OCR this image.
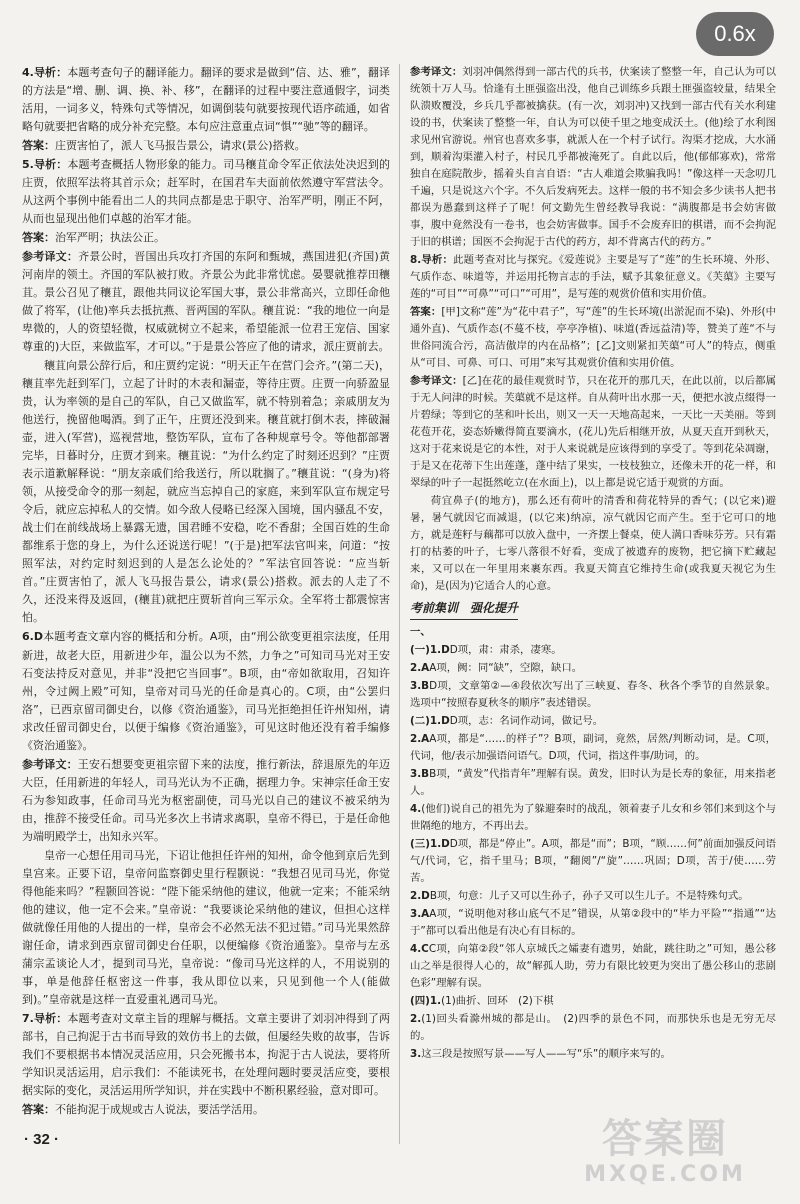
0.6x

4.导析：本题考查句子的翻译能力。翻译的要求是做到“信、达、雅”，翻译的方法是“增、删、调、换、补、移”，在翻译的过程中要注意通假字，词类活用，一词多义，特殊句式等情况，如调倒装句就要按现代语序疏通，如省略句就要把省略的成分补充完整。本句应注意重点词“惧”“驰”等的翻译。

答案：庄贾害怕了，派人飞马报告景公，请求(景公)搭救。

5.导析：本题考查概括人物形象的能力。司马穰苴命令军正依法处决迟到的庄贾，依照军法将其首示众；赶军时，在国君车夫面前依然遵守军营法令。从这两个事例中能看出二人的共同点都是忠于职守、治军严明，刚正不阿，从而也显现出他们卓越的治军才能。

答案：治军严明；执法公正。

参考译文：齐景公时，晋国出兵攻打齐国的东阿和甄城，燕国进犯(齐国)黄河南岸的领土。齐国的军队被打败。齐景公为此非常忧虑。晏婴就推荐田穰苴。景公召见了穰苴，跟他共同议论军国大事，景公非常高兴，立即任命他做了将军，(让他)率兵去抵抗燕、晋两国的军队。穰苴说：“我的地位一向是卑微的，人的资望轻微，权威就树立不起来，希望能派一位君王宠信、国家尊重的)大臣，来做监军，才可以。”于是景公答应了他的请求，派庄贾前去。

穰苴向景公辞行后，和庄贾约定说：“明天正午在营门会齐。”(第二天)，穰苴率先赶到军门，立起了计时的木表和漏壶，等待庄贾。庄贾一向骄盈显贵，认为率领的是自己的军队，自己又做监军，就不特别着急；亲戚朋友为他送行，挽留他喝酒。到了正午，庄贾还没到来。穰苴就打倒木表，摔破漏壶，进入(军营)，巡视营地，整饬军队，宣布了各种规章号令。等他都部署完毕，日暮时分，庄贾才到来。穰苴说：“为什么约定了时刻还迟到？”庄贾表示道歉解释说：“朋友亲戚们给我送行，所以耽搁了。”穰苴说：“(身为)将领，从接受命令的那一刻起，就应当忘掉自己的家庭，来到军队宣布规定号令后，就应忘掉私人的交情。如今敌人侵略已经深入国境，国内骚乱不安，战士们在前线战场上暴露无遗，国君睡不安稳，吃不香甜；全国百姓的生命都维系于您的身上，为什么还说送行呢！”(于是)把军法官叫来，问道：“按照军法，对约定时刻迟到的人是怎么论处的？”军法官回答说：“应当斩首。”庄贾害怕了，派人飞马报告景公，请求(景公)搭救。派去的人走了不久，还没来得及返回，(穰苴)就把庄贾斩首向三军示众。全军将士都震惊害怕。

6.D本题考查文章内容的概括和分析。A项，由“刑公欲变更祖宗法度，任用新进，故老大臣，用新进少年，温公以为不然，力争之”可知司马光对王安石变法持反对意见，并非“没把它当回事”。B项，由“帝如欲取用，召知许州，令过阙上殿”可知，皇帝对司马光的任命是真心的。C项，由“公罢归洛”，已西京留司御史台，以修《资治通鉴》，司马光拒绝担任许州知州，请求改任留司御史台，以便于编修《资治通鉴》，可见这时他还没有着手编修《资治通鉴》。

参考译文：王安石想要变更祖宗留下来的法度，推行新法，辞退原先的年迈大臣，任用新进的年轻人，司马光认为不正确，据理力争。宋神宗任命王安石为参知政事，任命司马光为枢密副使，司马光以自己的建议不被采纳为由，推辞不接受任命。司马光多次上书请求离职，皇帝不得已，于是任命他为端明殿学士，出知永兴军。

皇帝一心想任用司马光，下诏让他担任许州的知州，命令他到京后先到皇宫来。正要下诏，皇帝问监察御史里行程颢说：“我想召见司马光，你觉得他能来吗？”程颢回答说：“陛下能采纳他的建议，他就一定来；不能采纳他的建议，他一定不会来。”皇帝说：“我要谈论采纳他的建议，但担心这样做就像任用他的人提出的一样，皇帝会不必然无法不犯过错。”司马光果然辞谢任命，请求到西京留司御史台任职，以便编修《资治通鉴》。皇帝与左丞蒲宗孟谈论人才，提到司马光，皇帝说：“像司马光这样的人，不用说别的事，单是他辞任枢密这一件事，我从即位以来，只见到他一个人(能做到)。”皇帝就是这样一直爱重礼遇司马光。

7.导析：本题考查对文章主旨的理解与概括。文章主要讲了刘羽冲得到了两部书，自己拘泥于古书而导致的效仿书上的去做，但屡经失败的故事，告诉我们不要根据书本情况灵活应用，只会死搬书本，拘泥于古人说法，要将所学知识灵活运用，启示我们：不能读死书，在处理问题时要灵活应变，要根据实际的变化，灵活运用所学知识，并在实践中不断积累经验，意对即可。

答案：不能拘泥于成规或古人说法，要活学活用。

参考译文：刘羽冲偶然得到一部古代的兵书，伏案读了整整一年，自己认为可以统领十万人马。恰逢有土匪强盗出没，他自己训练乡兵跟土匪强盗较量，结果全队溃败覆没，乡兵几乎都被擒获。(有一次，刘羽冲)又找到一部古代有关水利建设的书，伏案读了整整一年，自认为可以使千里之地变成沃土。(他)绘了水利图求见州官游说。州官也喜欢多事，就派人在一个村子试行。沟渠才挖成，大水涌到，顺着沟渠灌入村子，村民几乎都被淹死了。自此以后，他(郁郁寡欢)，常常独自在庭院散步，摇着头自言自语：“古人难道会欺骗我吗！”像这样一天念叨几千遍，只是说这六个字。不久后发病死去。这样一般的书不知会多少读书人把书都误为愚蠢到这样子了呢！何文勤先生曾经教导我说：“满腹都是书会妨害做事，腹中竟然没有一卷书，也会妨害做事。国手不会废弃旧的棋谱，而不会拘泥于旧的棋谱；国医不会拘泥于古代的药方，却不背离古代的药方。”

8.导析：此题考查对比与探究。《爱莲说》主要是写了“莲”的生长环境、外形、气质作态、味道等，并运用托物言志的手法，赋予其象征意义。《芙蕖》主要写莲的“可目”“可鼻”“可口”“可用”，是写莲的观赏价值和实用价值。

答案：[甲]文称“莲”为“花中君子”，写“莲”的生长环境(出淤泥而不染)、外形(中通外直)、气质作态(不蔓不枝，亭亭净植)、味道(香远益清)等，赞美了莲“不与世俗同流合污，高洁傲岸的内在品格”；[乙]文则紧扣芙蕖“可人”的特点，侧重从“可目、可鼻、可口、可用”来写其观赏价值和实用价值。

参考译文：[乙]在花的最佳观赏时节，只在花开的那几天，在此以前，以后都属于无人问津的时候。芙蕖就不是这样。自从荷叶出水那一天，便把水波点缀得一片碧绿；等到它的茎和叶长出，则又一天一天地高起来，一天比一天美丽。等到花苞开花，姿态娇嫩得简直要滴水，(花儿)先后相继开放，从夏天直开到秋天，这对于花来说是它的本性，对于人来说就是应该得到的享受了。等到花朵凋谢，于是又在花蒂下生出莲蓬，蓬中结了果实，一枝枝独立，还像未开的花一样，和翠绿的叶子一起挺然屹立(在水面上)，以上都是说它适于观赏的方面。

荷宜鼻子(的地方)，那么还有荷叶的清香和荷花特异的香气；(以它来)避暑，暑气就因它而减退，(以它来)纳凉，凉气就因它而产生。至于它可口的地方，就是莲籽与藕都可以放入盘中，一齐摆上餐桌，使人满口香味芬芳。只有霜打的枯萎的叶子，七零八落很不好看，变成了被遗弃的废物，把它摘下贮藏起来，又可以在一年里用来裹东西。我夏天简直它维持生命(或我夏天视它为生命)，是(因为)它适合人的心意。

考前集训　强化提升

一、

(一)1.DD项，肃：肃杀，凄寒。

2.AA项，阙：同“缺”，空隙，缺口。

3.BD项，文章第②—④段依次写出了三峡夏、春冬、秋各个季节的自然景象。选项中“按照春夏秋冬的顺序”表述错误。

(二)1.DD项，志：名词作动词，做记号。

2.AA项，都是“……的样子”？B项，副词，竟然，居然/判断动词，是。C项，代词，他/表示加强语问语气。D项，代词，指这件事/助词，的。

3.BB项，“黄发”代指青年”理解有误。黄发，旧时认为是长寿的象征，用来指老人。

4.(他们)说自己的祖先为了躲避秦时的战乱，领着妻子儿女和乡邻们来到这个与世隔绝的地方，不再出去。

(三)1.DD项，都是“停止”。A项，都是“而”；B项，“顾……何”前面加强反问语气/代词，它，指千里马；B项，“翻阅”/“旋”……巩固；D项，苦于/使……劳苦。

2.DB项，句意：儿子又可以生孙子，孙子又可以生儿子。不是特殊句式。

3.AA项，“说明他对移山底气不足”错误，从第②段中的“毕力平险”“指通”“达于”都可以看出他是有决心有目标的。

4.CC项，向第②段“邻人京城氏之孀妻有遗男，始龀，跳往助之”可知，愚公移山之举是很得人心的，故“解孤人助，劳力有限比较更为突出了愚公移山的悲剧色彩”理解有误。

(四)1.(1)曲折、回环　(2)下棋

2.(1)回头看滁州城的都是山。　(2)四季的景色不同，而那快乐也是无穷无尽的。

3.这三段是按照写景——写人——写“乐”的顺序来写的。

· 32 ·	答案圈
MXQE.COM
